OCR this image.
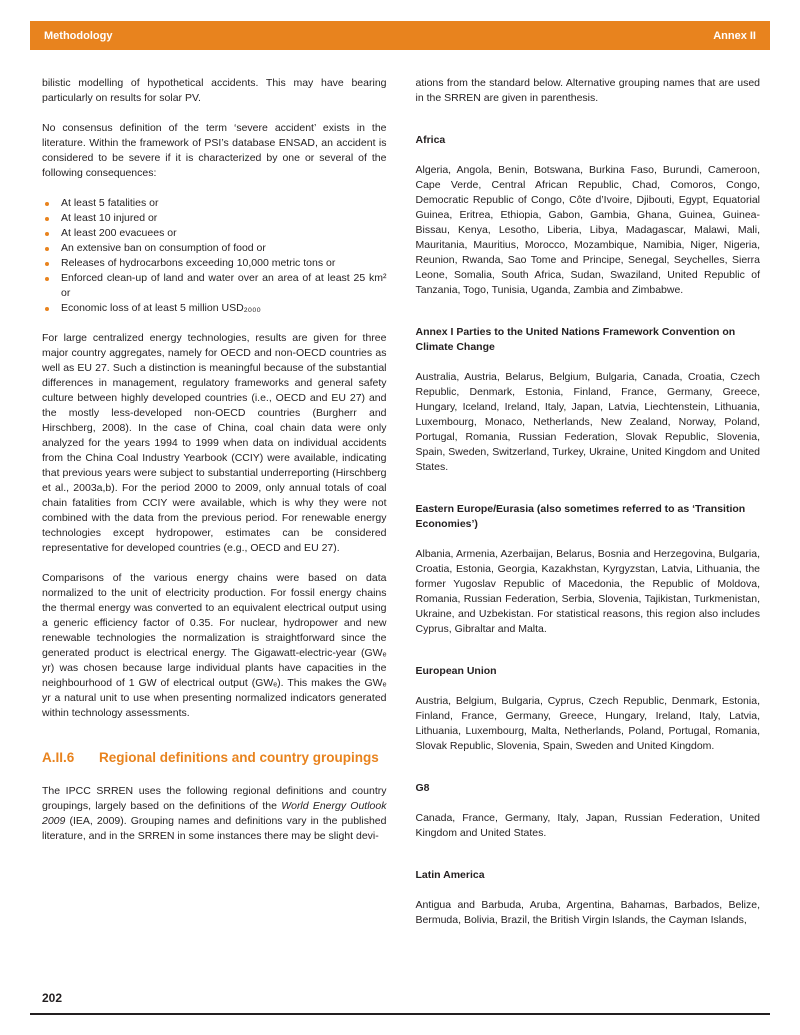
Methodology	Annex II

bilistic modelling of hypothetical accidents. This may have bearing particularly on results for solar PV.

No consensus definition of the term ‘severe accident’ exists in the literature. Within the framework of PSI’s database ENSAD, an accident is considered to be severe if it is characterized by one or several of the following consequences:

At least 5 fatalities or
At least 10 injured or
At least 200 evacuees or
An extensive ban on consumption of food or
Releases of hydrocarbons exceeding 10,000 metric tons or
Enforced clean-up of land and water over an area of at least 25 km² or
Economic loss of at least 5 million USD₂₀₀₀

For large centralized energy technologies, results are given for three major country aggregates, namely for OECD and non-OECD countries as well as EU 27. Such a distinction is meaningful because of the substantial differences in management, regulatory frameworks and general safety culture between highly developed countries (i.e., OECD and EU 27) and the mostly less-developed non-OECD countries (Burgherr and Hirschberg, 2008). In the case of China, coal chain data were only analyzed for the years 1994 to 1999 when data on individual accidents from the China Coal Industry Yearbook (CCIY) were available, indicating that previous years were subject to substantial underreporting (Hirschberg et al., 2003a,b). For the period 2000 to 2009, only annual totals of coal chain fatalities from CCIY were available, which is why they were not combined with the data from the previous period. For renewable energy technologies except hydropower, estimates can be considered representative for developed countries (e.g., OECD and EU 27).

Comparisons of the various energy chains were based on data normalized to the unit of electricity production. For fossil energy chains the thermal energy was converted to an equivalent electrical output using a generic efficiency factor of 0.35. For nuclear, hydropower and new renewable technologies the normalization is straightforward since the generated product is electrical energy. The Gigawatt-electric-year (GWₑ yr) was chosen because large individual plants have capacities in the neighbourhood of 1 GW of electrical output (GWₑ). This makes the GWₑ yr a natural unit to use when presenting normalized indicators generated within technology assessments.

A.II.6	Regional definitions and country groupings

The IPCC SRREN uses the following regional definitions and country groupings, largely based on the definitions of the World Energy Outlook 2009 (IEA, 2009). Grouping names and definitions vary in the published literature, and in the SRREN in some instances there may be slight devi-

ations from the standard below. Alternative grouping names that are used in the SRREN are given in parenthesis.

Africa

Algeria, Angola, Benin, Botswana, Burkina Faso, Burundi, Cameroon, Cape Verde, Central African Republic, Chad, Comoros, Congo, Democratic Republic of Congo, Côte d’Ivoire, Djibouti, Egypt, Equatorial Guinea, Eritrea, Ethiopia, Gabon, Gambia, Ghana, Guinea, Guinea-Bissau, Kenya, Lesotho, Liberia, Libya, Madagascar, Malawi, Mali, Mauritania, Mauritius, Morocco, Mozambique, Namibia, Niger, Nigeria, Reunion, Rwanda, Sao Tome and Principe, Senegal, Seychelles, Sierra Leone, Somalia, South Africa, Sudan, Swaziland, United Republic of Tanzania, Togo, Tunisia, Uganda, Zambia and Zimbabwe.

Annex I Parties to the United Nations Framework Convention on Climate Change

Australia, Austria, Belarus, Belgium, Bulgaria, Canada, Croatia, Czech Republic, Denmark, Estonia, Finland, France, Germany, Greece, Hungary, Iceland, Ireland, Italy, Japan, Latvia, Liechtenstein, Lithuania, Luxembourg, Monaco, Netherlands, New Zealand, Norway, Poland, Portugal, Romania, Russian Federation, Slovak Republic, Slovenia, Spain, Sweden, Switzerland, Turkey, Ukraine, United Kingdom and United States.

Eastern Europe/Eurasia (also sometimes referred to as ‘Transition Economies’)

Albania, Armenia, Azerbaijan, Belarus, Bosnia and Herzegovina, Bulgaria, Croatia, Estonia, Georgia, Kazakhstan, Kyrgyzstan, Latvia, Lithuania, the former Yugoslav Republic of Macedonia, the Republic of Moldova, Romania, Russian Federation, Serbia, Slovenia, Tajikistan, Turkmenistan, Ukraine, and Uzbekistan. For statistical reasons, this region also includes Cyprus, Gibraltar and Malta.

European Union

Austria, Belgium, Bulgaria, Cyprus, Czech Republic, Denmark, Estonia, Finland, France, Germany, Greece, Hungary, Ireland, Italy, Latvia, Lithuania, Luxembourg, Malta, Netherlands, Poland, Portugal, Romania, Slovak Republic, Slovenia, Spain, Sweden and United Kingdom.

G8

Canada, France, Germany, Italy, Japan, Russian Federation, United Kingdom and United States.

Latin America

Antigua and Barbuda, Aruba, Argentina, Bahamas, Barbados, Belize, Bermuda, Bolivia, Brazil, the British Virgin Islands, the Cayman Islands,

202
